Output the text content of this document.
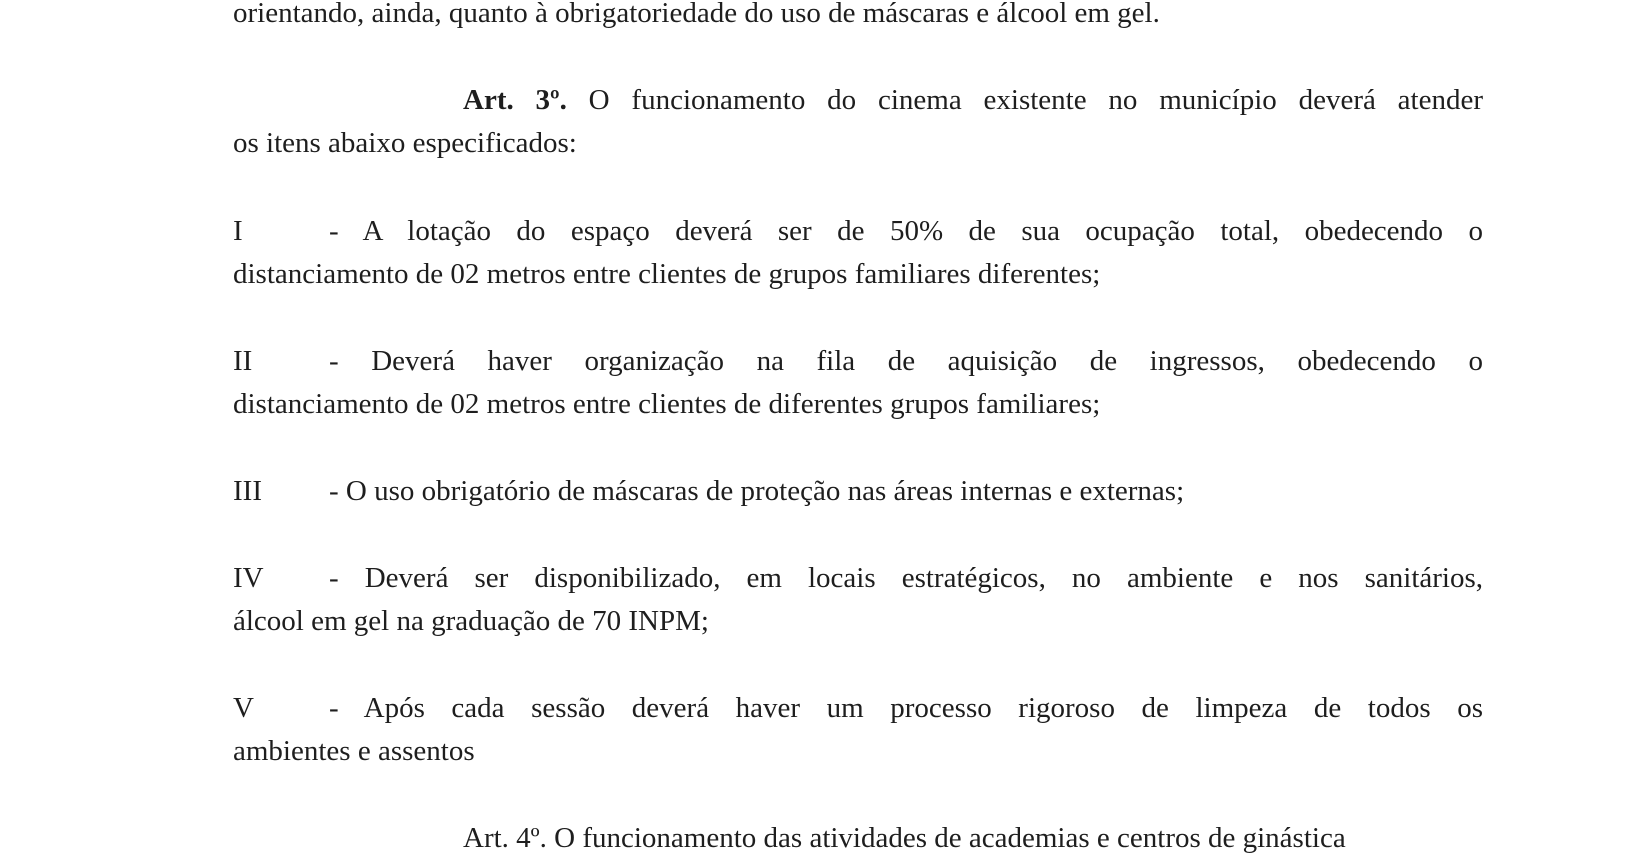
orientando, ainda, quanto à obrigatoriedade do uso de máscaras e álcool em gel.
Art. 3º. O funcionamento do cinema existente no município deverá atender
os itens abaixo especificados:
I	- A lotação do espaço deverá ser de 50% de sua ocupação total, obedecendo o
distanciamento de 02 metros entre clientes de grupos familiares diferentes;
II	- Deverá haver organização na fila de aquisição de ingressos, obedecendo o
distanciamento de 02 metros entre clientes de diferentes grupos familiares;
III - O uso obrigatório de máscaras de proteção nas áreas internas e externas;
IV - Deverá ser disponibilizado, em locais estratégicos, no ambiente e nos sanitários,
álcool em gel na graduação de 70 INPM;
V	- Após cada sessão deverá haver um processo rigoroso de limpeza de todos os
ambientes e assentos
Art. 4º. O funcionamento das atividades de academias e centros de ginástica
